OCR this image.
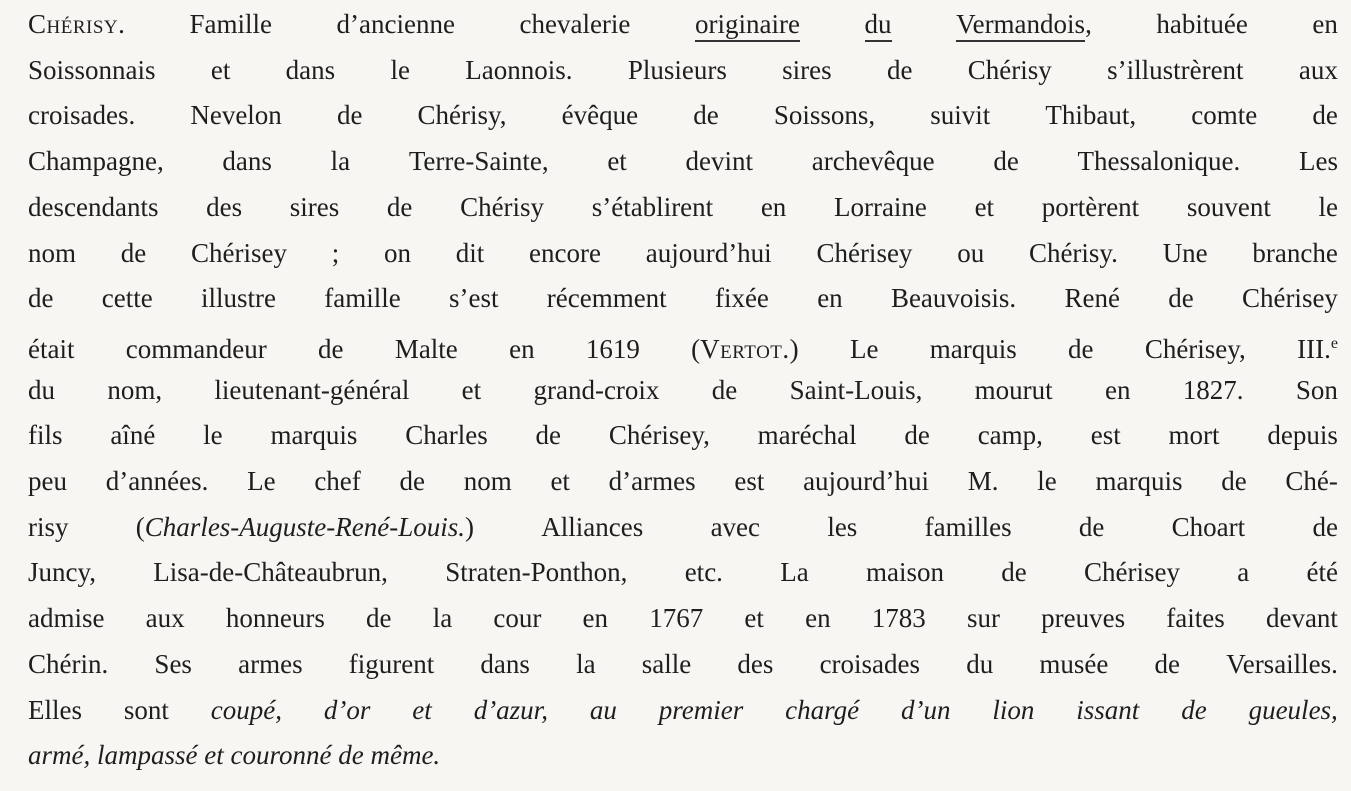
Chérisy. Famille d’ancienne chevalerie originaire du Vermandois, habituée en
Soissonnais et dans le Laonnois. Plusieurs sires de Chérisy s’illustrèrent aux
croisades. Nevelon de Chérisy, évêque de Soissons, suivit Thibaut, comte de
Champagne, dans la Terre-Sainte, et devint archevêque de Thessalonique. Les
descendants des sires de Chérisy s’établirent en Lorraine et portèrent souvent le
nom de Chérisey ; on dit encore aujourd’hui Chérisey ou Chérisy. Une branche
de cette illustre famille s’est récemment fixée en Beauvoisis. René de Chérisey
était commandeur de Malte en 1619 (Vertot.) Le marquis de Chérisey, III.$^e$
du nom, lieutenant-général et grand-croix de Saint-Louis, mourut en 1827. Son
fils aîné le marquis Charles de Chérisey, maréchal de camp, est mort depuis
peu d’années. Le chef de nom et d’armes est aujourd’hui M. le marquis de Ché-
risy (Charles-Auguste-René-Louis.) Alliances avec les familles de Choart de
Juncy, Lisa-de-Châteaubrun, Straten-Ponthon, etc. La maison de Chérisey a été
admise aux honneurs de la cour en 1767 et en 1783 sur preuves faites devant
Chérin. Ses armes figurent dans la salle des croisades du musée de Versailles.
Elles sont coupé, d’or et d’azur, au premier chargé d’un lion issant de gueules,
armé,
lampassé
et
couronné
de
même.
